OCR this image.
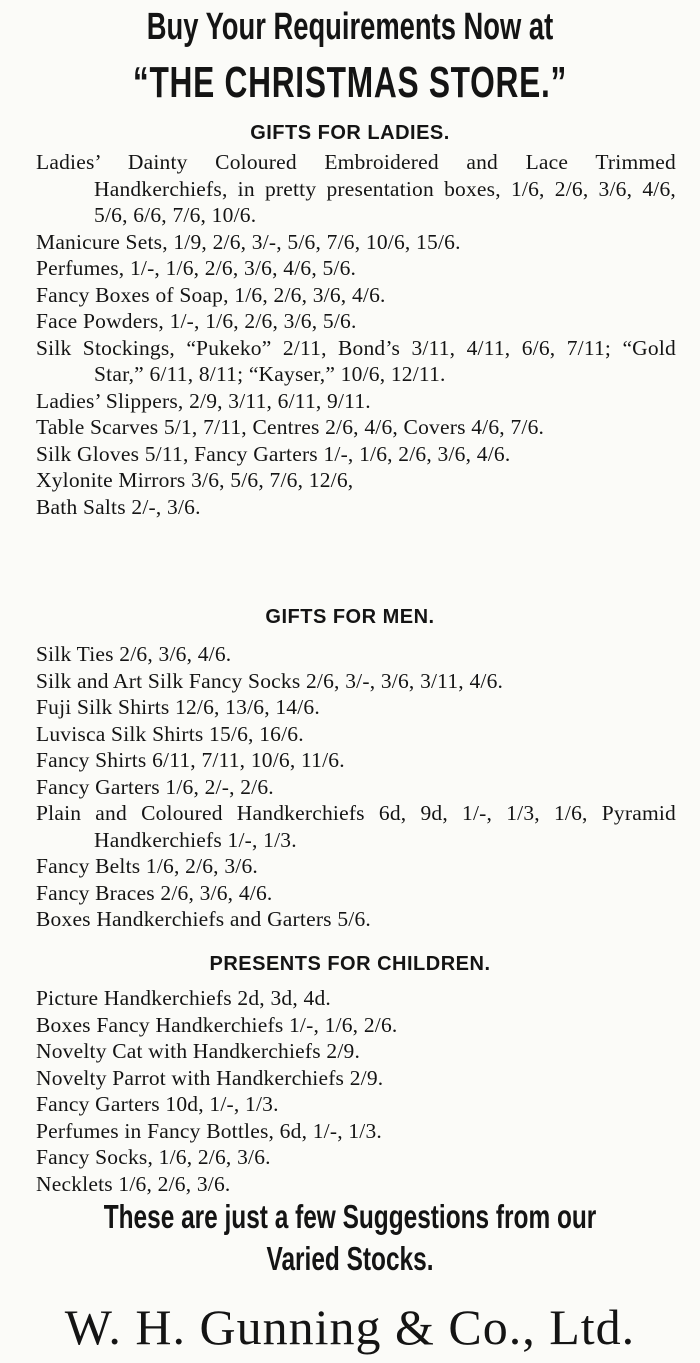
Buy Your Requirements Now at
“THE CHRISTMAS STORE.”
GIFTS FOR LADIES.
Ladies’ Dainty Coloured Embroidered and Lace Trimmed Handkerchiefs, in pretty presentation boxes, 1/6, 2/6, 3/6, 4/6, 5/6, 6/6, 7/6, 10/6.
Manicure Sets, 1/9, 2/6, 3/-, 5/6, 7/6, 10/6, 15/6.
Perfumes, 1/-, 1/6, 2/6, 3/6, 4/6, 5/6.
Fancy Boxes of Soap, 1/6, 2/6, 3/6, 4/6.
Face Powders, 1/-, 1/6, 2/6, 3/6, 5/6.
Silk Stockings, “Pukeko” 2/11, Bond’s 3/11, 4/11, 6/6, 7/11; “Gold Star,” 6/11, 8/11; “Kayser,” 10/6, 12/11.
Ladies’ Slippers, 2/9, 3/11, 6/11, 9/11.
Table Scarves 5/1, 7/11, Centres 2/6, 4/6, Covers 4/6, 7/6.
Silk Gloves 5/11, Fancy Garters 1/-, 1/6, 2/6, 3/6, 4/6.
Xylonite Mirrors 3/6, 5/6, 7/6, 12/6,
Bath Salts 2/-, 3/6.
GIFTS FOR MEN.
Silk Ties 2/6, 3/6, 4/6.
Silk and Art Silk Fancy Socks 2/6, 3/-, 3/6, 3/11, 4/6.
Fuji Silk Shirts 12/6, 13/6, 14/6.
Luvisca Silk Shirts 15/6, 16/6.
Fancy Shirts 6/11, 7/11, 10/6, 11/6.
Fancy Garters 1/6, 2/-, 2/6.
Plain and Coloured Handkerchiefs 6d, 9d, 1/-, 1/3, 1/6, Pyramid Handkerchiefs 1/-, 1/3.
Fancy Belts 1/6, 2/6, 3/6.
Fancy Braces 2/6, 3/6, 4/6.
Boxes Handkerchiefs and Garters 5/6.
PRESENTS FOR CHILDREN.
Picture Handkerchiefs 2d, 3d, 4d.
Boxes Fancy Handkerchiefs 1/-, 1/6, 2/6.
Novelty Cat with Handkerchiefs 2/9.
Novelty Parrot with Handkerchiefs 2/9.
Fancy Garters 10d, 1/-, 1/3.
Perfumes in Fancy Bottles, 6d, 1/-, 1/3.
Fancy Socks, 1/6, 2/6, 3/6.
Necklets 1/6, 2/6, 3/6.
These are just a few Suggestions from our
Varied Stocks.
W. H. Gunning & Co., Ltd.
